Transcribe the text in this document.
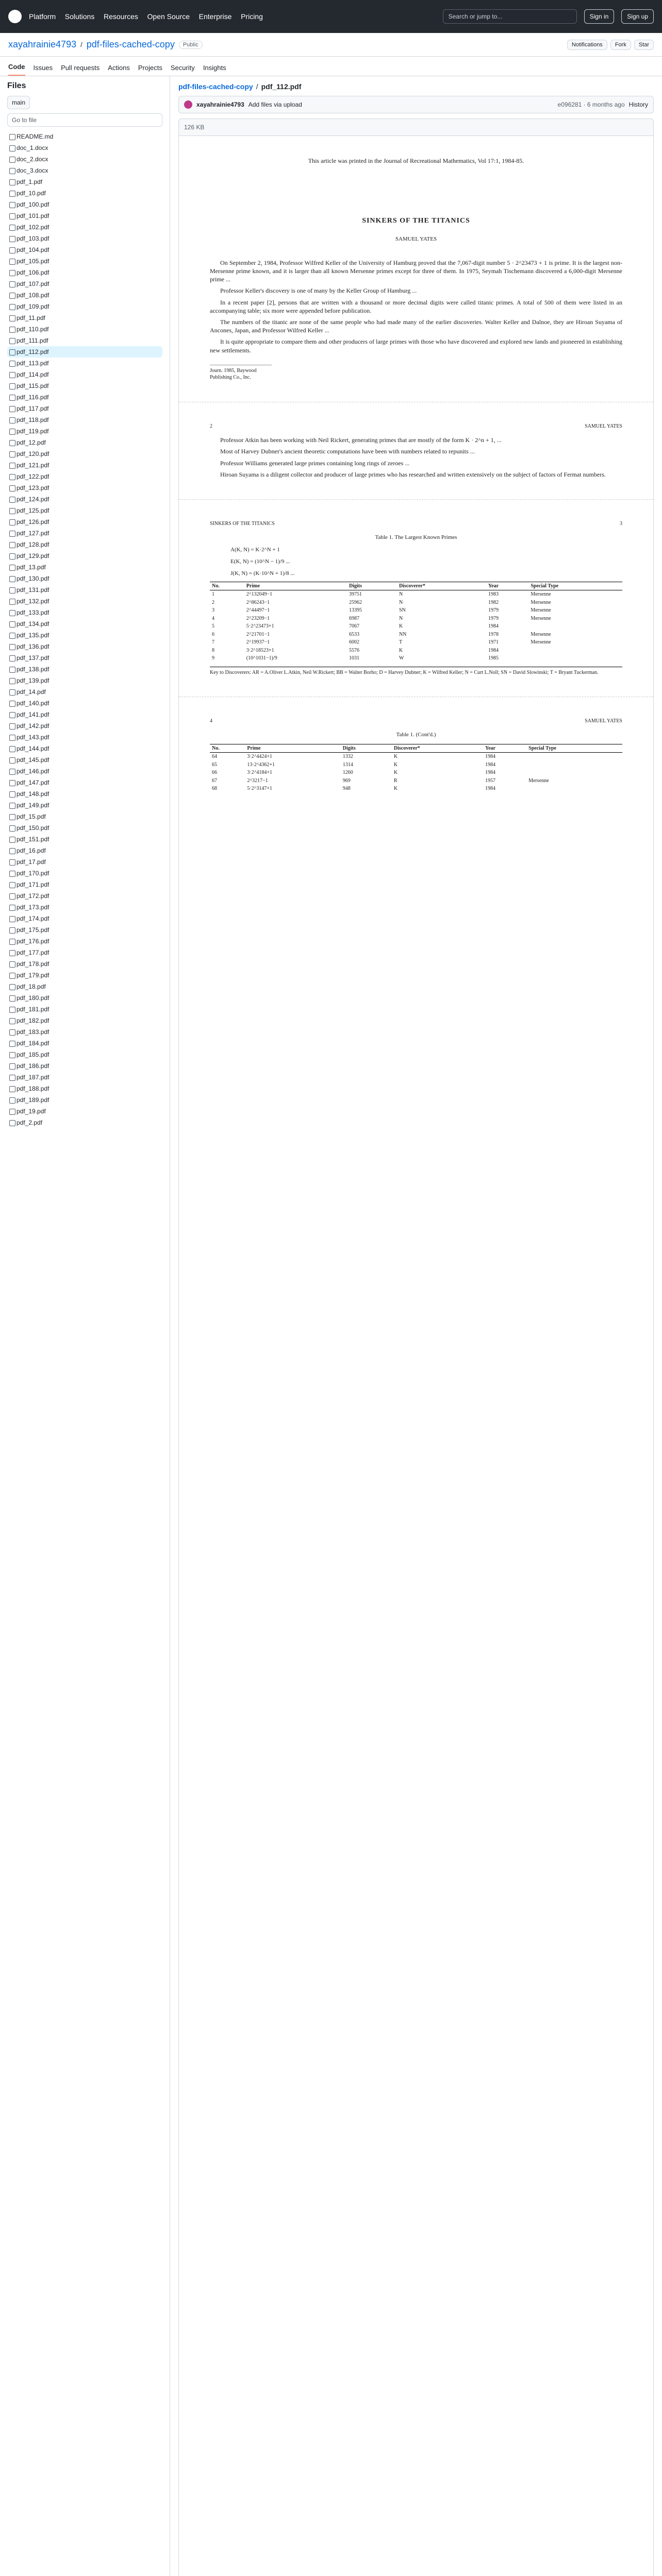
Platform Solutions Resources Open Source Enterprise Pricing	Search or jump to...	Sign in	Sign up
xayahrainie4793 / pdf-files-cached-copy	Public	Notifications	Fork	Star
Code Issues Pull requests Actions Projects Security Insights
Files
main
Go to file
README.md
doc_1.docx
doc_2.docx
doc_3.docx
pdf_1.pdf
pdf_10.pdf
pdf_100.pdf
pdf_101.pdf
pdf_102.pdf
pdf_103.pdf
pdf_104.pdf
pdf_105.pdf
pdf_106.pdf
pdf_107.pdf
pdf_108.pdf
pdf_109.pdf
pdf_11.pdf
pdf_110.pdf
pdf_111.pdf
pdf_112.pdf
pdf_113.pdf
pdf_114.pdf
pdf_115.pdf
pdf_116.pdf
pdf_117.pdf
pdf_118.pdf
pdf_119.pdf
pdf_12.pdf
pdf_120.pdf
pdf_121.pdf
pdf_122.pdf
pdf_123.pdf
pdf_124.pdf
pdf_125.pdf
pdf_126.pdf
pdf_127.pdf
pdf_128.pdf
pdf_129.pdf
pdf_13.pdf
pdf_130.pdf
pdf_131.pdf
pdf_132.pdf
pdf_133.pdf
pdf_134.pdf
pdf_135.pdf
pdf_136.pdf
pdf_137.pdf
pdf_138.pdf
pdf_139.pdf
pdf_14.pdf
pdf_140.pdf
pdf_141.pdf
pdf_142.pdf
pdf_143.pdf
pdf_144.pdf
pdf_145.pdf
pdf_146.pdf
pdf_147.pdf
pdf_148.pdf
pdf_149.pdf
pdf_15.pdf
pdf_150.pdf
pdf_151.pdf
pdf_16.pdf
pdf_17.pdf
pdf_170.pdf
pdf_171.pdf
pdf_172.pdf
pdf_173.pdf
pdf_174.pdf
pdf_175.pdf
pdf_176.pdf
pdf_177.pdf
pdf_178.pdf
pdf_179.pdf
pdf_18.pdf
pdf_180.pdf
pdf_181.pdf
pdf_182.pdf
pdf_183.pdf
pdf_184.pdf
pdf_185.pdf
pdf_186.pdf
pdf_187.pdf
pdf_188.pdf
pdf_189.pdf
pdf_19.pdf
pdf_2.pdf
pdf-files-cached-copy / pdf_112.pdf
xayahrainie4793 Add files via upload	e096281 · 6 months ago History
126 KB
This article was printed in the Journal of Recreational Mathematics, Vol 17:1, 1984-85.
SINKERS OF THE TITANICS
SAMUEL YATES

On September 2, 1984, Professor Wilfred Keller of the University of Hamburg proved that the 7,067-digit number 5 · 2^23473 + 1 is prime. It is the largest non-Mersenne prime known, and it is larger than all known Mersenne primes except for three of them. In 1975, Seymah Tischemann discovered a 6,000-digit Mersenne prime ...

Professor Keller's discovery is one of many by the Keller Group of Hamburg ...

In a recent paper [2], persons that are written with a thousand or more decimal digits were called titanic primes. A total of 500 of them were listed in an accompanying table; six more were appended before publication.

The numbers of the titanic are none of the same people who had made many of the earlier discoveries. Walter Keller and Dalnoe, they are Hiroan Suyama of Ancones, Japan, and Professor Wilfred Keller ...

It is quite appropriate to compare them and other producers of large primes with those who have discovered and explored new lands and pioneered in establishing new settlements.

Journ. 1985, Baywood Publishing Co., Inc.
2	SAMUEL YATES

Professor Atkin has been working with Neil Rickert, generating primes that are mostly of the form K · 2^n + 1, ...

Most of Harvey Dubner's ancient theoretic computations have been with numbers related to repunits ...

Professor Williams generated large primes containing long rings of zeroes ...

Hiroan Suyama is a diligent collector and producer of large primes who has researched and written extensively on the subject of factors of Fermat numbers.

SINKERS OF THE TITANICS	3
Table 1. The Largest Known Primes
A(K, N) = K·2^N + 1
E(K, N) = (10^N − 1)/9 ...
J(K, N) = (K·10^N + 1)/8 ...
No.	Prime	Digits	Discoverer*	Year	Special Type
1	2^132049−1	39751	N	1983	Mersenne
2	2^86243−1	25962	N	1982	Mersenne
3	2^44497−1	13395	SN	1979	Mersenne
4	2^23209−1	6987	N	1979	Mersenne
5	5·2^23473+1	7067	K	1984	
6	2^21701−1	6533	NN	1978	Mersenne
7	2^19937−1	6002	T	1971	Mersenne
8	3·2^18523+1	5576	K	1984	
9	(10^1031−1)/9	1031	W	1985	
Key to Discoverers: AR = A.Oliver L.Atkin, Neil W.Rickert; BB = Walter Borho; D = Harvey Dubner; K = Wilfred Keller; N = Curt L.Noll; SN = David Slowinski; T = Bryant Tuckerman.
4	SAMUEL YATES
Table 1. (Cont'd.)
No.	Prime	Digits	Discoverer*	Year	Special Type
64	3·2^4424+1	1332	K	1984	
65	13·2^4362+1	1314	K	1984	
66	3·2^4184+1	1260	K	1984	
67	2^3217−1	969	R	1957	Mersenne
68	5·2^3147+1	948	K	1984	
